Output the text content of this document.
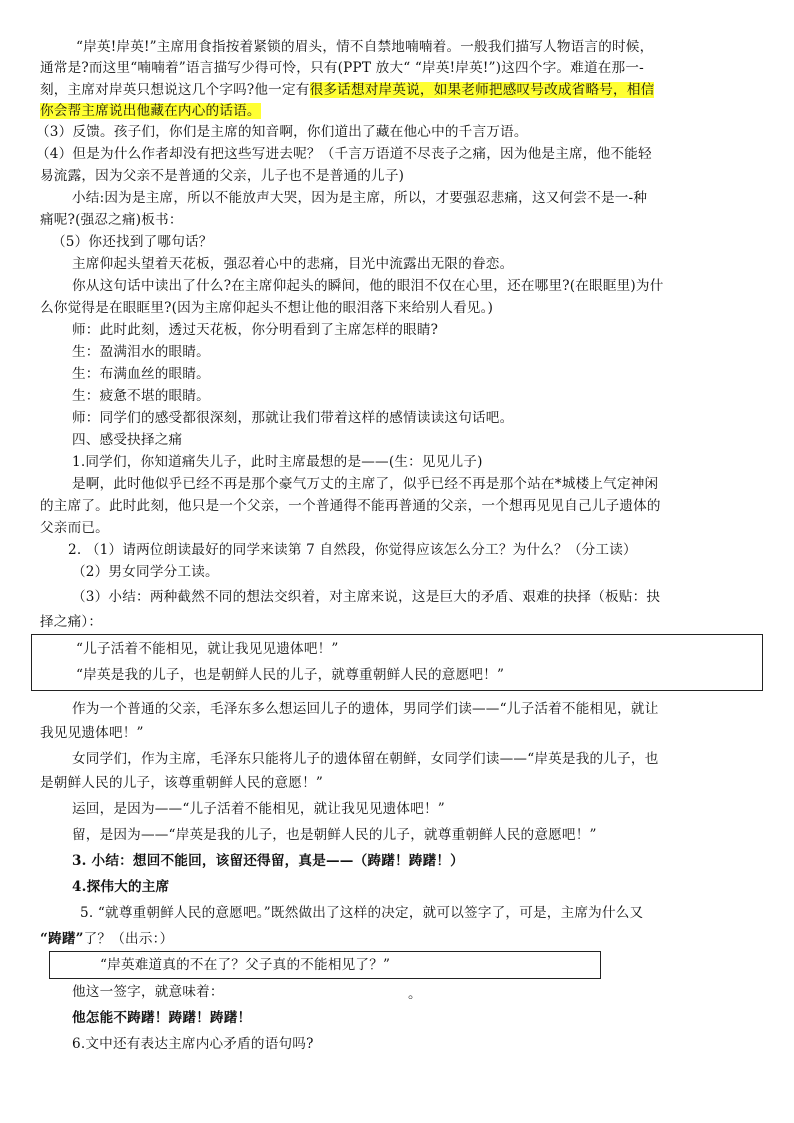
“岸英!岸英!”主席用食指按着紧锁的眉头，情不自禁地喃喃着。一般我们描写人物语言的时候，
通常是?而这里“喃喃着”语言描写少得可怜，只有(PPT 放大“ “岸英!岸英!”)这四个字。难道在那一-
刻，主席对岸英只想说这几个字吗?他一定有很多话想对岸英说，如果老师把感叹号改成省略号，相信
你会帮主席说出他藏在内心的话语。
（3）反馈。孩子们，你们是主席的知音啊，你们道出了藏在他心中的千言万语。
（4）但是为什么作者却没有把这些写进去呢？（千言万语道不尽丧子之痛，因为他是主席，他不能轻
易流露，因为父亲不是普通的父亲，儿子也不是普通的儿子)
小结:因为是主席，所以不能放声大哭，因为是主席，所以，才要强忍悲痛，这又何尝不是一-种
痛呢?(强忍之痛)板书：
（5）你还找到了哪句话？
主席仰起头望着天花板，强忍着心中的悲痛，目光中流露出无限的眷恋。
你从这句话中读出了什么?在主席仰起头的瞬间，他的眼泪不仅在心里，还在哪里?(在眼眶里)为什
么你觉得是在眼眶里?(因为主席仰起头不想让他的眼泪落下来给别人看见。)
师：此时此刻，透过天花板，你分明看到了主席怎样的眼睛?
生：盈满泪水的眼睛。
生：布满血丝的眼睛。
生：疲惫不堪的眼睛。
师：同学们的感受都很深刻，那就让我们带着这样的感情读读这句话吧。
四、感受抉择之痛
1.同学们，你知道痛失儿子，此时主席最想的是——(生：见见儿子)
是啊，此时他似乎已经不再是那个豪气万丈的主席了，似乎已经不再是那个站在*城楼上气定神闲
的主席了。此时此刻，他只是一个父亲，一个普通得不能再普通的父亲，一个想再见见自己儿子遗体的
父亲而已。
2. （1）请两位朗读最好的同学来读第 7 自然段，你觉得应该怎么分工？为什么？（分工读）
（2）男女同学分工读。
（3）小结：两种截然不同的想法交织着，对主席来说，这是巨大的矛盾、艰难的抉择（板贴：抉
择之痛）：
“儿子活着不能相见，就让我见见遗体吧！”
“岸英是我的儿子，也是朝鲜人民的儿子，就尊重朝鲜人民的意愿吧！”
作为一个普通的父亲，毛泽东多么想运回儿子的遗体，男同学们读——“儿子活着不能相见，就让
我见见遗体吧！”
女同学们，作为主席，毛泽东只能将儿子的遗体留在朝鲜，女同学们读——“岸英是我的儿子，也
是朝鲜人民的儿子，该尊重朝鲜人民的意愿！”
运回，是因为——“儿子活着不能相见，就让我见见遗体吧！”
留，是因为——“岸英是我的儿子，也是朝鲜人民的儿子，就尊重朝鲜人民的意愿吧！”
3. 小结：想回不能回，该留还得留，真是——（踌躇！踌躇！）
4.探伟大的主席
5. “就尊重朝鲜人民的意愿吧。”既然做出了这样的决定，就可以签字了，可是，主席为什么又
“踌躇”了？（出示：）
“岸英难道真的不在了？父子真的不能相见了？”
他这一签字，就意味着：	。
他怎能不踌躇！踌躇！踌躇！
6.文中还有表达主席内心矛盾的语句吗?
